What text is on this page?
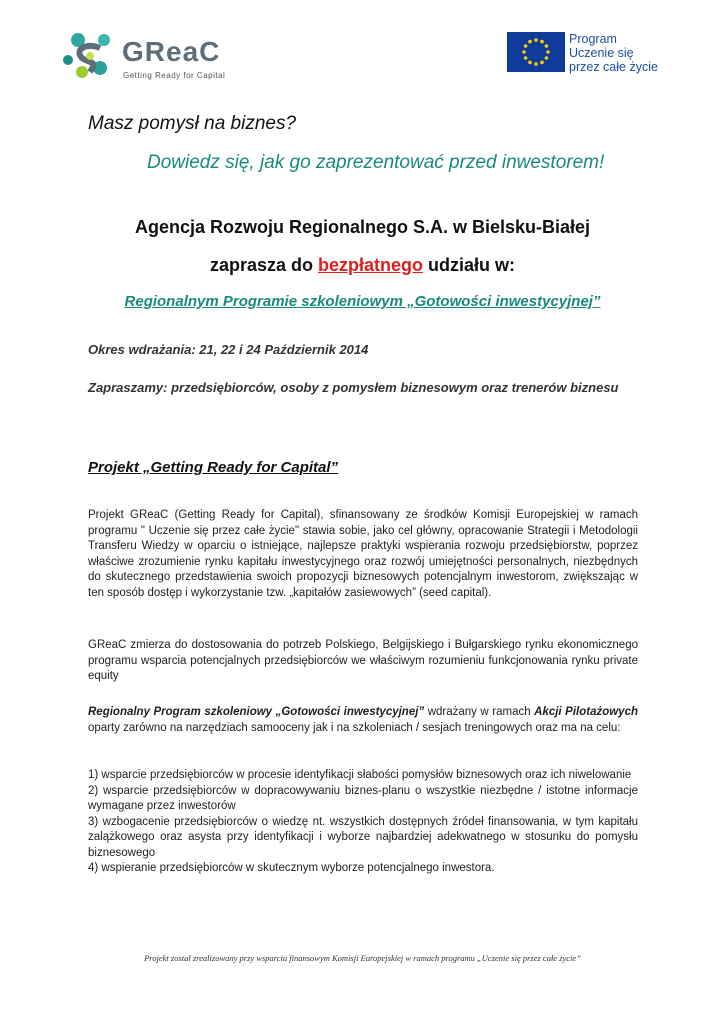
GReaC
Getting Ready for Capital
Program
Uczenie się
przez całe życie
Masz pomysł na biznes?
Dowiedz się, jak go zaprezentować przed inwestorem!
Agencja Rozwoju Regionalnego S.A. w Bielsku-Białej
zaprasza do bezpłatnego udziału w:
Regionalnym Programie szkoleniowym „Gotowości inwestycyjnej”
Okres wdrażania: 21, 22 i 24 Październik 2014
Zapraszamy: przedsiębiorców, osoby z pomysłem biznesowym oraz trenerów biznesu
Projekt „Getting Ready for Capital”
Projekt GReaC (Getting Ready for Capital), sfinansowany ze środków Komisji Europejskiej w ramach programu " Uczenie się przez całe życie" stawia sobie, jako cel główny, opracowanie Strategii i Metodologii Transferu Wiedzy w oparciu o istniejące, najlepsze praktyki wspierania rozwoju przedsiębiorstw, poprzez właściwe zrozumienie rynku kapitału inwestycyjnego oraz rozwój umiejętności personalnych, niezbędnych do skutecznego przedstawienia swoich propozycji biznesowych potencjalnym inwestorom, zwiększając w ten sposób dostęp i wykorzystanie tzw. „kapitałów zasiewowych” (seed capital).
GReaC zmierza do dostosowania do potrzeb Polskiego, Belgijskiego i Bułgarskiego rynku ekonomicznego programu wsparcia potencjalnych przedsiębiorców we właściwym rozumieniu funkcjonowania rynku private equity
Regionalny Program szkoleniowy „Gotowości inwestycyjnej” wdrażany w ramach Akcji Pilotażowych oparty zarówno na narzędziach samooceny jak i na szkoleniach / sesjach treningowych oraz ma na celu:
1) wsparcie przedsiębiorców w procesie identyfikacji słabości pomysłów biznesowych oraz ich niwelowanie
2) wsparcie przedsiębiorców w dopracowywaniu biznes-planu o wszystkie niezbędne / istotne informacje wymagane przez inwestorów
3) wzbogacenie przedsiębiorców o wiedzę nt. wszystkich dostępnych źródeł finansowania, w tym kapitału zalążkowego oraz asysta przy identyfikacji i wyborze najbardziej adekwatnego w stosunku do pomysłu biznesowego
4) wspieranie przedsiębiorców w skutecznym wyborze potencjalnego inwestora.
Projekt został zrealizowany przy wsparciu finansowym Komisji Europejskiej w ramach programu „Uczenie się przez całe życie”
